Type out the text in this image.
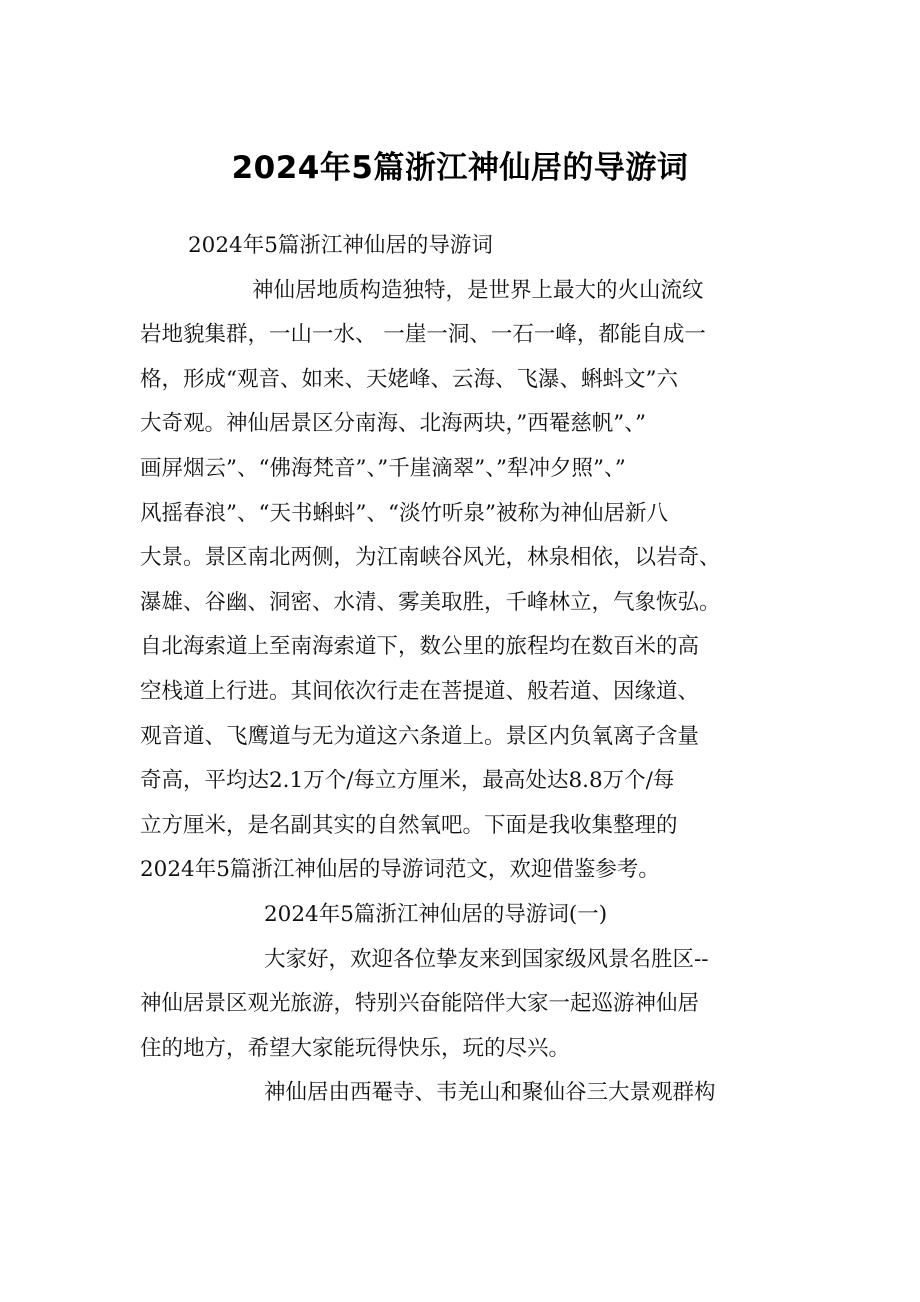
2024年5篇浙江神仙居的导游词
2024年5篇浙江神仙居的导游词
神仙居地质构造独特，是世界上最大的火山流纹
岩地貌集群，一山一水、 一崖一洞、一石一峰，都能自成一
格，形成“观音、如来、天姥峰、云海、飞瀑、蝌蚪文”六
大奇观。神仙居景区分南海、北海两块，”西罨慈帆”、”
画屏烟云”、“佛海梵音”、”千崖滴翠”、”犁冲夕照”、”
风摇春浪”、“天书蝌蚪”、“淡竹听泉”被称为神仙居新八
大景。景区南北两侧，为江南峡谷风光，林泉相依，以岩奇、
瀑雄、谷幽、洞密、水清、雾美取胜，千峰林立，气象恢弘。
自北海索道上至南海索道下，数公里的旅程均在数百米的高
空栈道上行进。其间依次行走在菩提道、般若道、因缘道、
观音道、飞鹰道与无为道这六条道上。景区内负氧离子含量
奇高，平均达2.1万个/每立方厘米，最高处达8.8万个/每
立方厘米，是名副其实的自然氧吧。下面是我收集整理的
2024年5篇浙江神仙居的导游词范文，欢迎借鉴参考。
2024年5篇浙江神仙居的导游词(一)
大家好，欢迎各位挚友来到国家级风景名胜区--
神仙居景区观光旅游，特别兴奋能陪伴大家一起巡游神仙居
住的地方，希望大家能玩得快乐，玩的尽兴。
神仙居由西罨寺、韦羌山和聚仙谷三大景观群构
